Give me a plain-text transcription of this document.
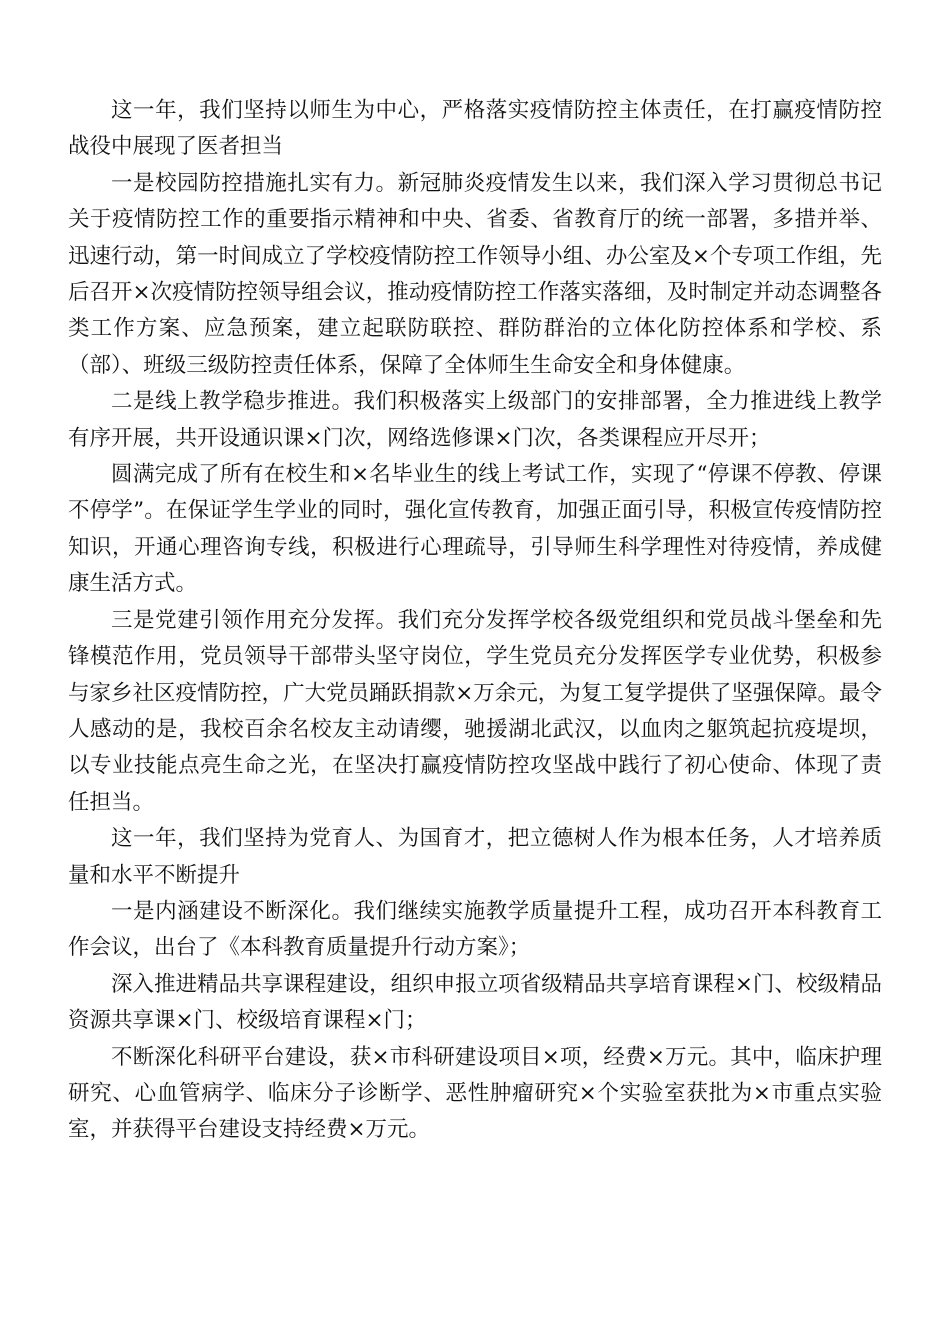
这一年，我们坚持以师生为中心，严格落实疫情防控主体责任，在打赢疫情防控战役中展现了医者担当

一是校园防控措施扎实有力。新冠肺炎疫情发生以来，我们深入学习贯彻总书记关于疫情防控工作的重要指示精神和中央、省委、省教育厅的统一部署，多措并举、迅速行动，第一时间成立了学校疫情防控工作领导小组、办公室及×个专项工作组，先后召开×次疫情防控领导组会议，推动疫情防控工作落实落细，及时制定并动态调整各类工作方案、应急预案，建立起联防联控、群防群治的立体化防控体系和学校、系（部）、班级三级防控责任体系，保障了全体师生生命安全和身体健康。

二是线上教学稳步推进。我们积极落实上级部门的安排部署，全力推进线上教学有序开展，共开设通识课×门次，网络选修课×门次，各类课程应开尽开；

圆满完成了所有在校生和×名毕业生的线上考试工作，实现了“停课不停教、停课不停学”。在保证学生学业的同时，强化宣传教育，加强正面引导，积极宣传疫情防控知识，开通心理咨询专线，积极进行心理疏导，引导师生科学理性对待疫情，养成健康生活方式。

三是党建引领作用充分发挥。我们充分发挥学校各级党组织和党员战斗堡垒和先锋模范作用，党员领导干部带头坚守岗位，学生党员充分发挥医学专业优势，积极参与家乡社区疫情防控，广大党员踊跃捐款×万余元，为复工复学提供了坚强保障。最令人感动的是，我校百余名校友主动请缨，驰援湖北武汉，以血肉之躯筑起抗疫堤坝，以专业技能点亮生命之光，在坚决打赢疫情防控攻坚战中践行了初心使命、体现了责任担当。

这一年，我们坚持为党育人、为国育才，把立德树人作为根本任务，人才培养质量和水平不断提升

一是内涵建设不断深化。我们继续实施教学质量提升工程，成功召开本科教育工作会议，出台了《本科教育质量提升行动方案》；

深入推进精品共享课程建设，组织申报立项省级精品共享培育课程×门、校级精品资源共享课×门、校级培育课程×门；

不断深化科研平台建设，获×市科研建设项目×项，经费×万元。其中，临床护理研究、心血管病学、临床分子诊断学、恶性肿瘤研究×个实验室获批为×市重点实验室，并获得平台建设支持经费×万元。
